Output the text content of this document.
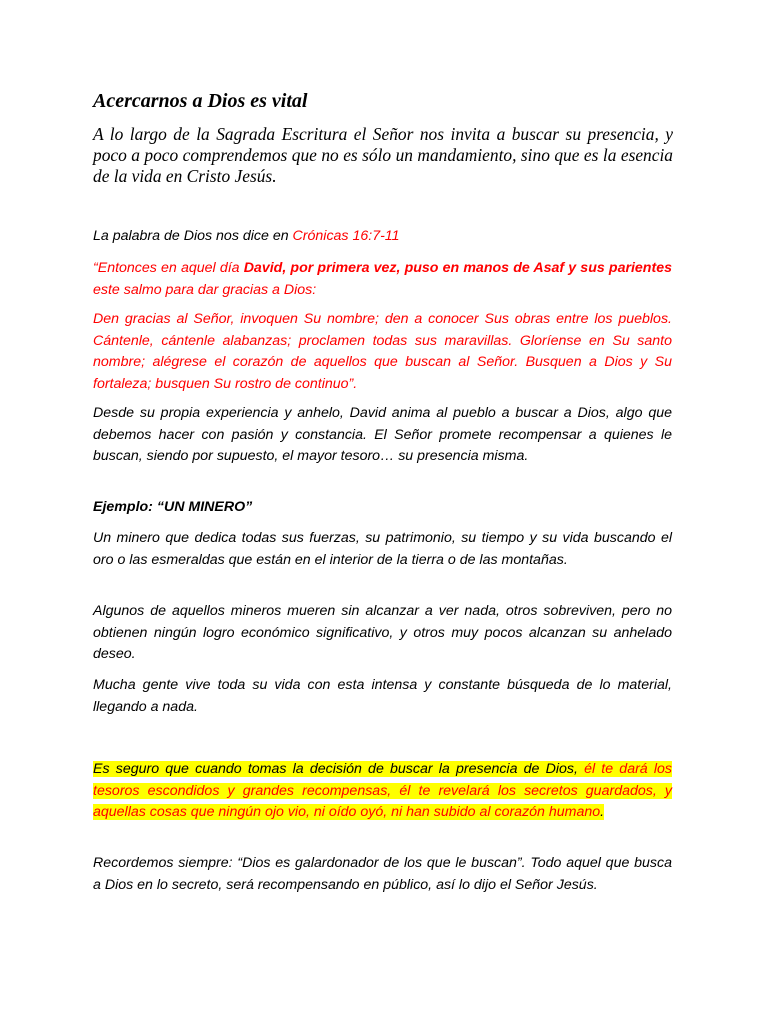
Acercarnos a Dios es vital

A lo largo de la Sagrada Escritura el Señor nos invita a buscar su presencia, y poco a poco comprendemos que no es sólo un mandamiento, sino que es la esencia de la vida en Cristo Jesús.

La palabra de Dios nos dice en Crónicas 16:7-11

“Entonces en aquel día David, por primera vez, puso en manos de Asaf y sus parientes este salmo para dar gracias a Dios:

Den gracias al Señor, invoquen Su nombre; den a conocer Sus obras entre los pueblos. Cántenle, cántenle alabanzas; proclamen todas sus maravillas. Gloríense en Su santo nombre; alégrese el corazón de aquellos que buscan al Señor. Busquen a Dios y Su fortaleza; busquen Su rostro de continuo”.

Desde su propia experiencia y anhelo, David anima al pueblo a buscar a Dios, algo que debemos hacer con pasión y constancia. El Señor promete recompensar a quienes le buscan, siendo por supuesto, el mayor tesoro… su presencia misma.

Ejemplo: “UN MINERO”

Un minero que dedica todas sus fuerzas, su patrimonio, su tiempo y su vida buscando el oro o las esmeraldas que están en el interior de la tierra o de las montañas.

Algunos de aquellos mineros mueren sin alcanzar a ver nada, otros sobreviven, pero no obtienen ningún logro económico significativo, y otros muy pocos alcanzan su anhelado deseo.

Mucha gente vive toda su vida con esta intensa y constante búsqueda de lo material, llegando a nada.

Es seguro que cuando tomas la decisión de buscar la presencia de Dios, él te dará los tesoros escondidos y grandes recompensas, él te revelará los secretos guardados, y aquellas cosas que ningún ojo vio, ni oído oyó, ni han subido al corazón humano.

Recordemos siempre: “Dios es galardonador de los que le buscan”. Todo aquel que busca a Dios en lo secreto, será recompensando en público, así lo dijo el Señor Jesús.
